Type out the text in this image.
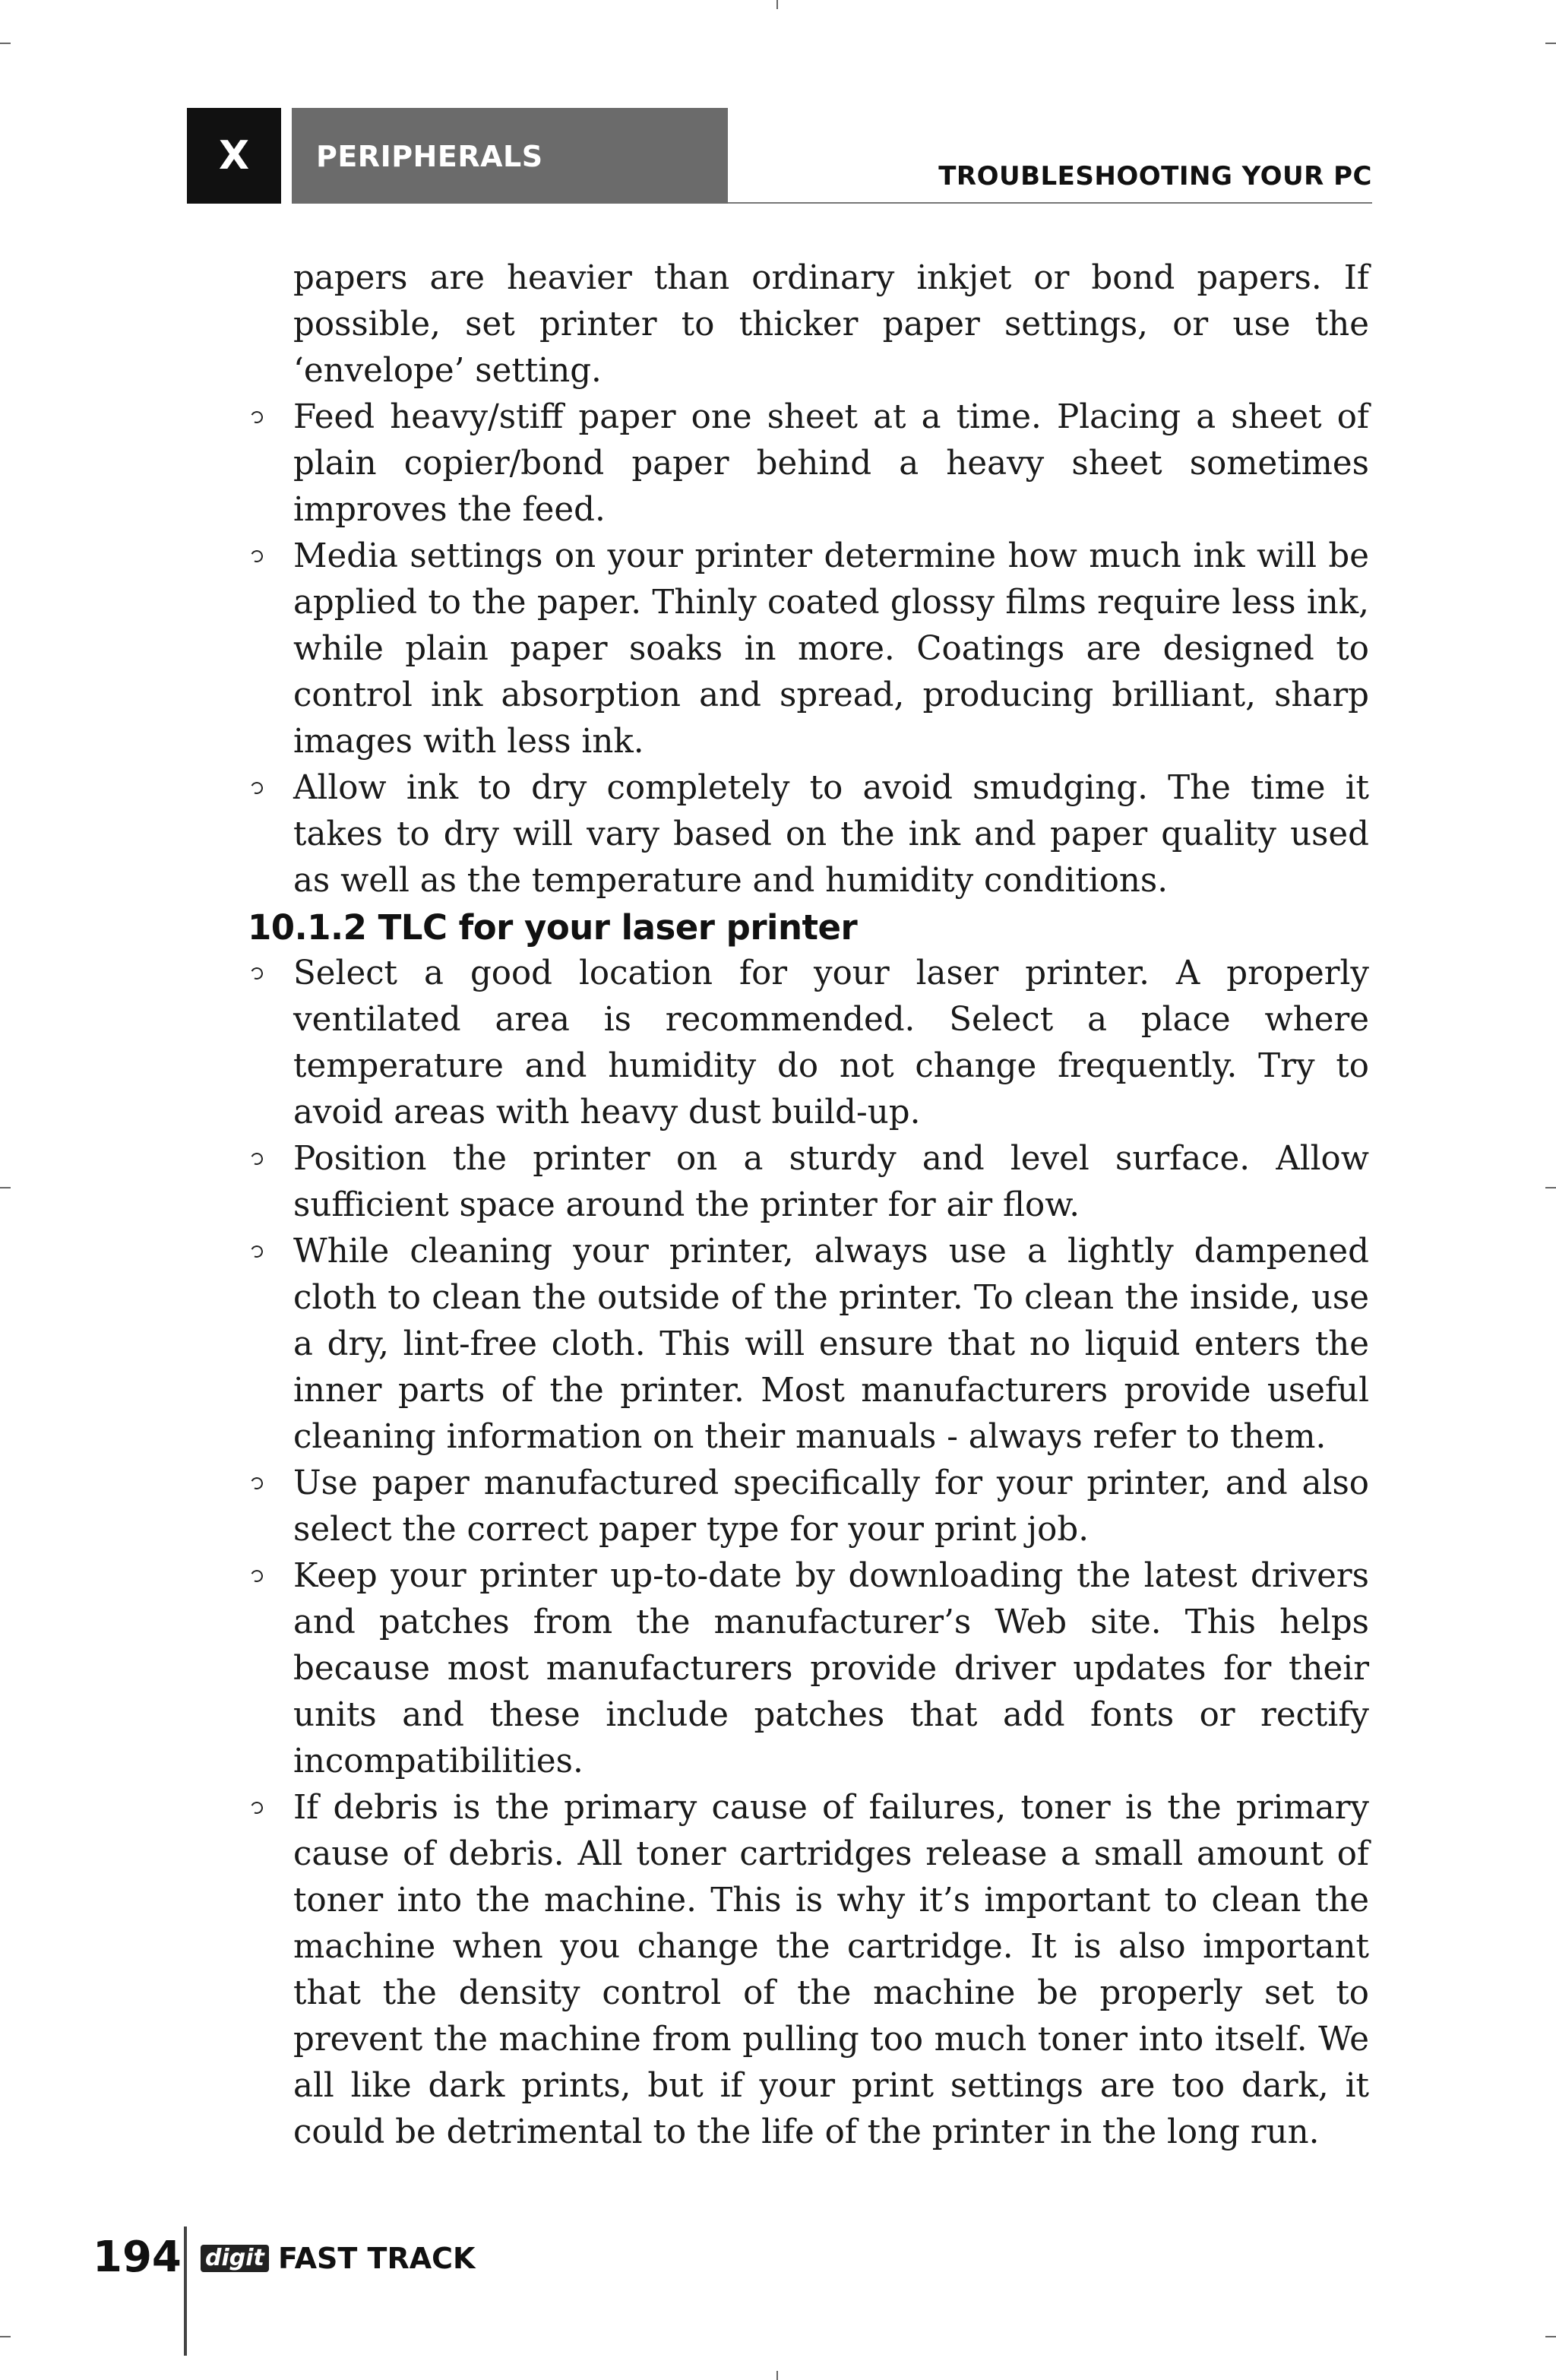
X	PERIPHERALS
TROUBLESHOOTING YOUR PC

papers are heavier than ordinary inkjet or bond papers. If possible, set printer to thicker paper settings, or use the ‘envelope’ setting.

Feed heavy/stiff paper one sheet at a time. Placing a sheet of plain copier/bond paper behind a heavy sheet sometimes improves the feed.
Media settings on your printer determine how much ink will be applied to the paper. Thinly coated glossy films require less ink, while plain paper soaks in more. Coatings are designed to control ink absorption and spread, producing brilliant, sharp images with less ink.
Allow ink to dry completely to avoid smudging. The time it takes to dry will vary based on the ink and paper quality used as well as the temperature and humidity conditions.
10.1.2 TLC for your laser printer
Select a good location for your laser printer. A properly ventilated area is recommended. Select a place where temperature and humidity do not change frequently. Try to avoid areas with heavy dust build-up.
Position the printer on a sturdy and level surface. Allow sufficient space around the printer for air flow.
While cleaning your printer, always use a lightly dampened cloth to clean the outside of the printer. To clean the inside, use a dry, lint-free cloth. This will ensure that no liquid enters the inner parts of the printer. Most manufacturers provide useful cleaning information on their manuals - always refer to them.
Use paper manufactured specifically for your printer, and also select the correct paper type for your print job.
Keep your printer up-to-date by downloading the latest drivers and patches from the manufacturer’s Web site. This helps because most manufacturers provide driver updates for their units and these include patches that add fonts or rectify incompatibilities.
If debris is the primary cause of failures, toner is the primary cause of debris. All toner cartridges release a small amount of toner into the machine. This is why it’s important to clean the machine when you change the cartridge. It is also important that the density control of the machine be properly set to prevent the machine from pulling too much toner into itself. We all like dark prints, but if your print settings are too dark, it could be detrimental to the life of the printer in the long run.
194 digit FAST TRACK
